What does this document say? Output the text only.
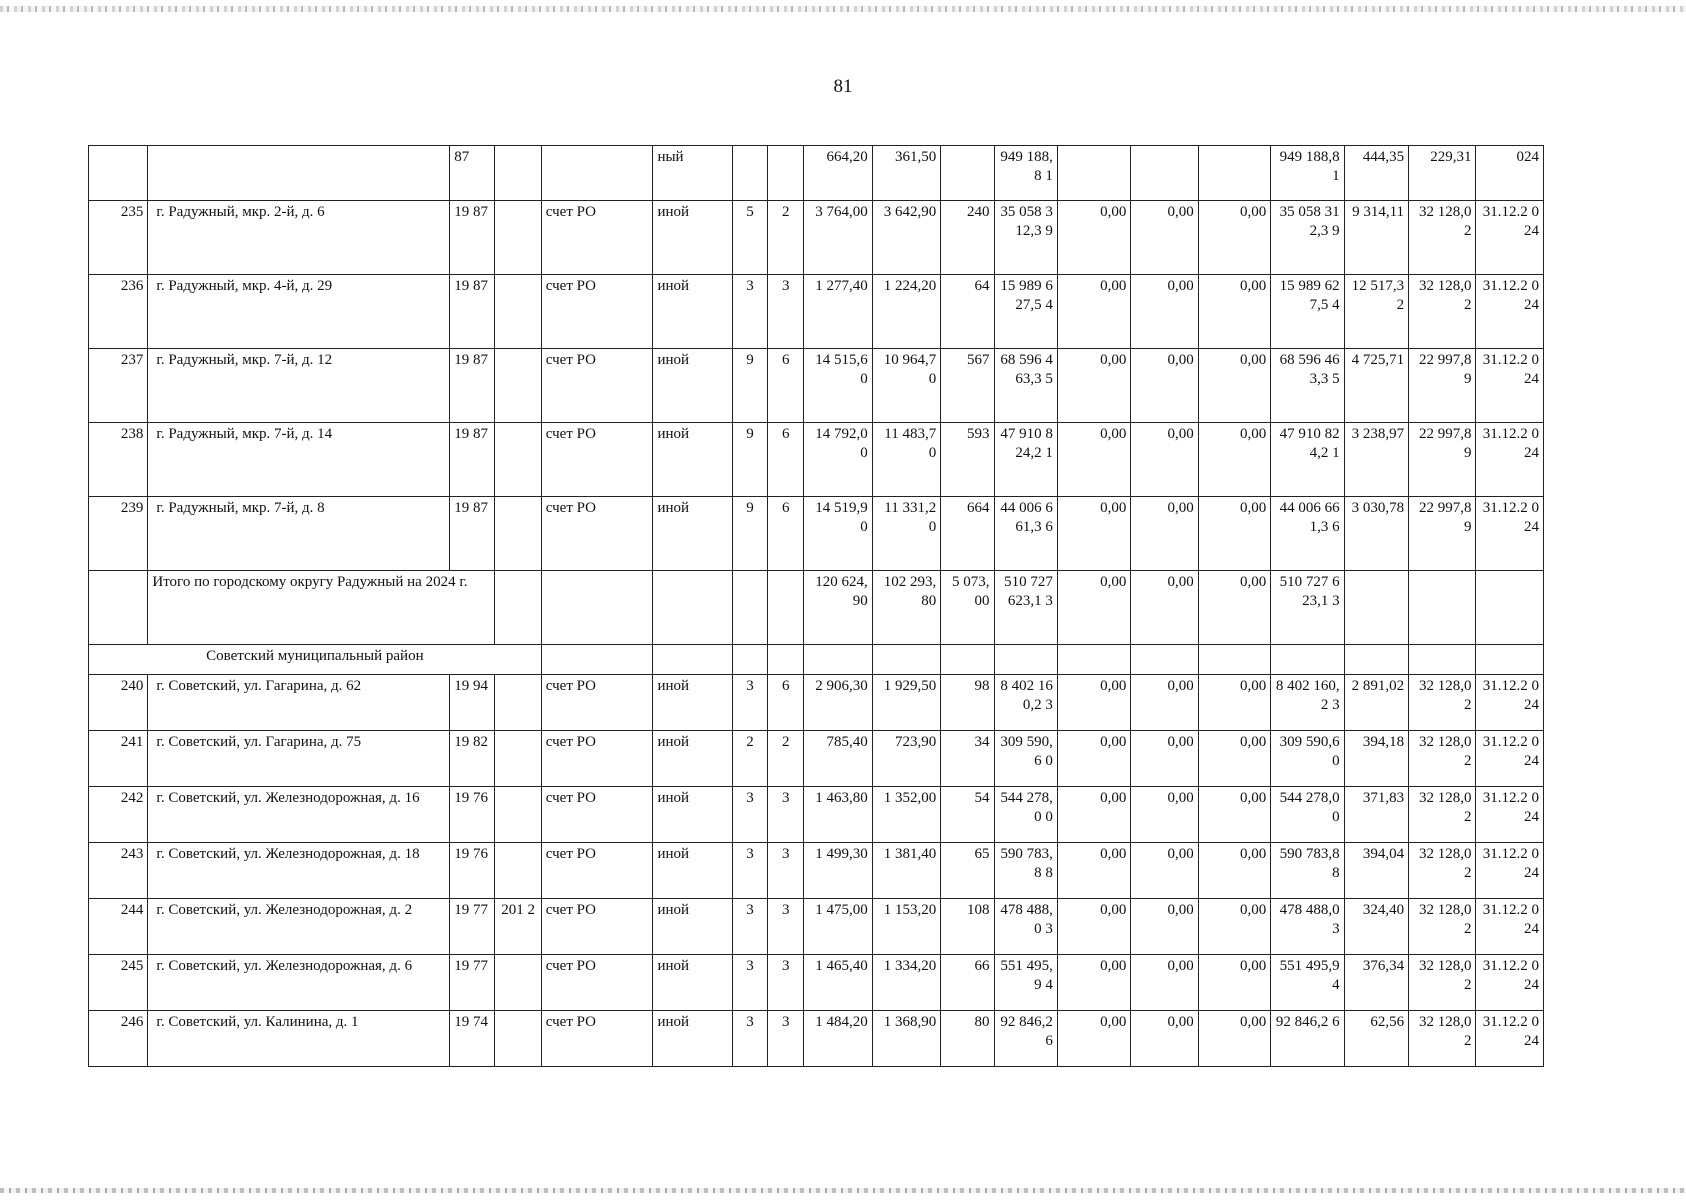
81
		87			ный			664,20	361,50		949 188,8 1				949 188,8 1	444,35	229,31	024
235	г. Радужный, мкр. 2-й, д. 6	19 87		счет РО	иной	5	2	3 764,00	3 642,90	240	35 058 312,3 9	0,00	0,00	0,00	35 058 312,3 9	9 314,11	32 128,02	31.12.2 024
236	г. Радужный, мкр. 4-й, д. 29	19 87		счет РО	иной	3	3	1 277,40	1 224,20	64	15 989 627,5 4	0,00	0,00	0,00	15 989 627,5 4	12 517,32	32 128,02	31.12.2 024
237	г. Радужный, мкр. 7-й, д. 12	19 87		счет РО	иной	9	6	14 515,60	10 964,70	567	68 596 463,3 5	0,00	0,00	0,00	68 596 463,3 5	4 725,71	22 997,89	31.12.2 024
238	г. Радужный, мкр. 7-й, д. 14	19 87		счет РО	иной	9	6	14 792,00	11 483,70	593	47 910 824,2 1	0,00	0,00	0,00	47 910 824,2 1	3 238,97	22 997,89	31.12.2 024
239	г. Радужный, мкр. 7-й, д. 8	19 87		счет РО	иной	9	6	14 519,90	11 331,20	664	44 006 661,3 6	0,00	0,00	0,00	44 006 661,3 6	3 030,78	22 997,89	31.12.2 024
	Итого по городскому округу Радужный на 2024 г.							120 624,90	102 293,80	5 073, 00	510 727 623,1 3	0,00	0,00	0,00	510 727 623,1 3			
Советский муниципальный район																		
240	г. Советский, ул. Гагарина, д. 62	19 94		счет РО	иной	3	6	2 906,30	1 929,50	98	8 402 160,2 3	0,00	0,00	0,00	8 402 160,2 3	2 891,02	32 128,02	31.12.2 024
241	г. Советский, ул. Гагарина, д. 75	19 82		счет РО	иной	2	2	785,40	723,90	34	309 590,6 0	0,00	0,00	0,00	309 590,6 0	394,18	32 128,02	31.12.2 024
242	г. Советский, ул. Железнодорожная, д. 16	19 76		счет РО	иной	3	3	1 463,80	1 352,00	54	544 278,0 0	0,00	0,00	0,00	544 278,0 0	371,83	32 128,02	31.12.2 024
243	г. Советский, ул. Железнодорожная, д. 18	19 76		счет РО	иной	3	3	1 499,30	1 381,40	65	590 783,8 8	0,00	0,00	0,00	590 783,8 8	394,04	32 128,02	31.12.2 024
244	г. Советский, ул. Железнодорожная, д. 2	19 77	201 2	счет РО	иной	3	3	1 475,00	1 153,20	108	478 488,0 3	0,00	0,00	0,00	478 488,0 3	324,40	32 128,02	31.12.2 024
245	г. Советский, ул. Железнодорожная, д. 6	19 77		счет РО	иной	3	3	1 465,40	1 334,20	66	551 495,9 4	0,00	0,00	0,00	551 495,9 4	376,34	32 128,02	31.12.2 024
246	г. Советский, ул. Калинина, д. 1	19 74		счет РО	иной	3	3	1 484,20	1 368,90	80	92 846,2 6	0,00	0,00	0,00	92 846,2 6	62,56	32 128,02	31.12.2 024
